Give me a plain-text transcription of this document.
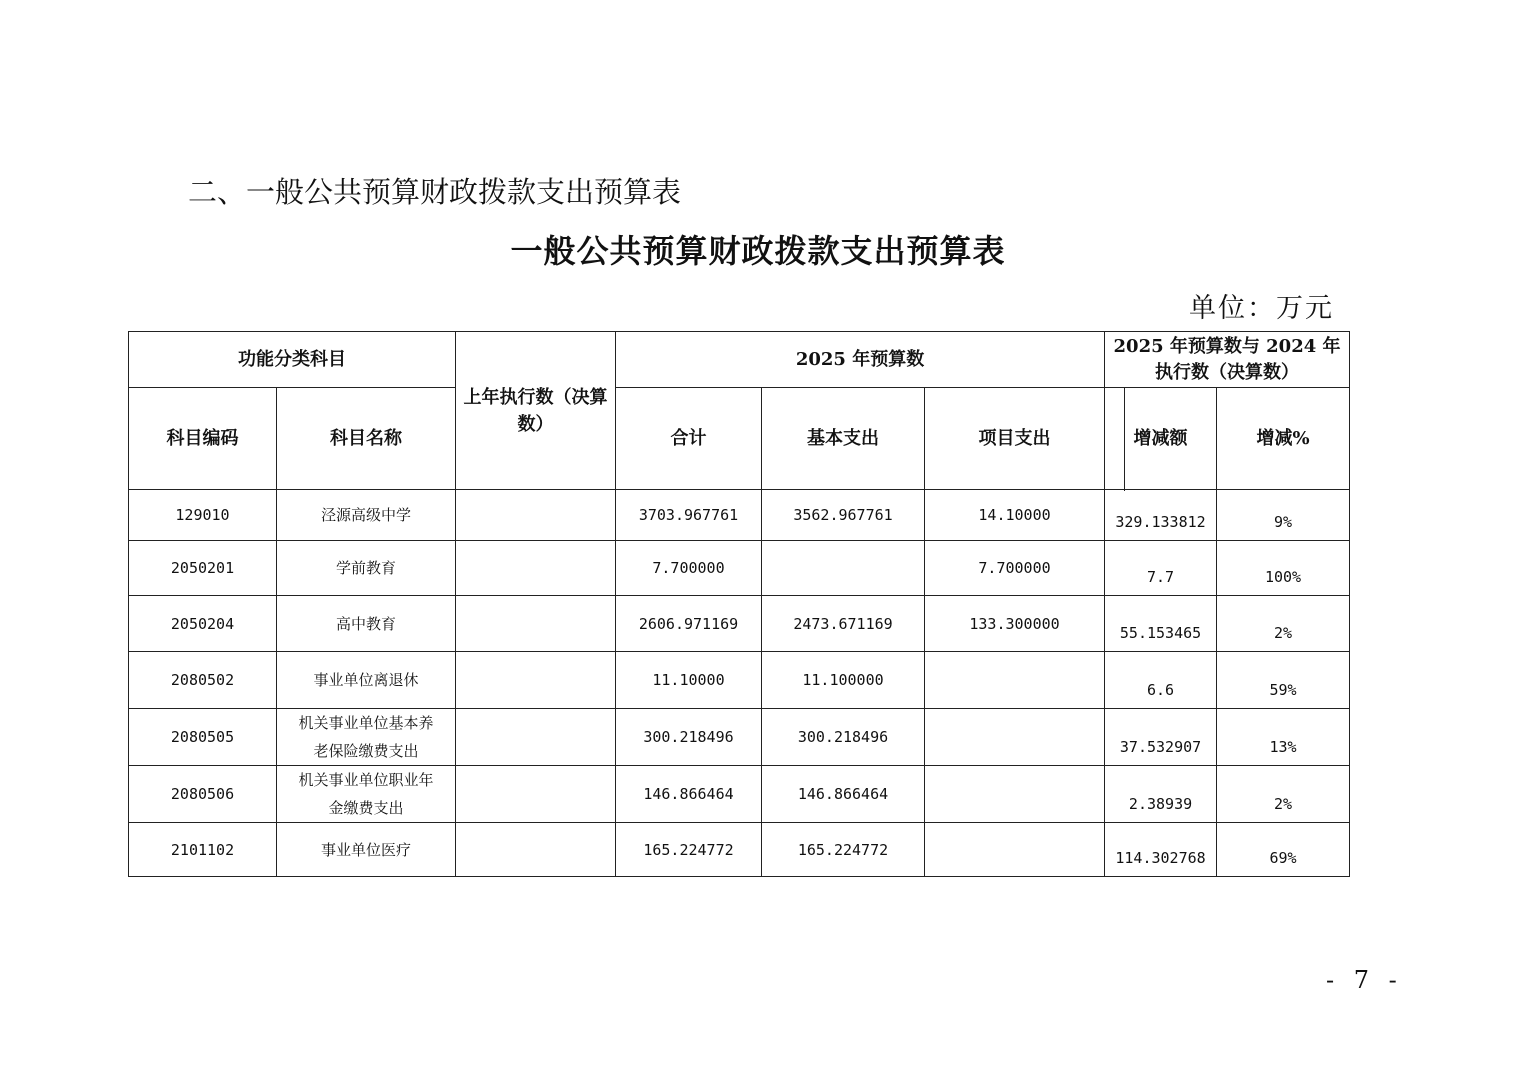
二、一般公共预算财政拨款支出预算表
一般公共预算财政拨款支出预算表
单位：万元
功能分类科目		上年执行数（决算数）	2025 年预算数			2025 年预算数与 2024 年执行数（决算数）	
科目编码	科目名称		合计	基本支出	项目支出	增减额	增减%
129010	泾源高级中学		3703.967761	3562.967761	14.10000	329.133812	9%
2050201	学前教育		7.700000		7.700000	7.7	100%
2050204	高中教育		2606.971169	2473.671169	133.300000	55.153465	2%
2080502	事业单位离退休		11.10000	11.100000		6.6	59%
2080505	机关事业单位基本养老保险缴费支出		300.218496	300.218496		37.532907	13%
2080506	机关事业单位职业年金缴费支出		146.866464	146.866464		2.38939	2%
2101102	事业单位医疗		165.224772	165.224772		114.302768	69%
- 7 -
